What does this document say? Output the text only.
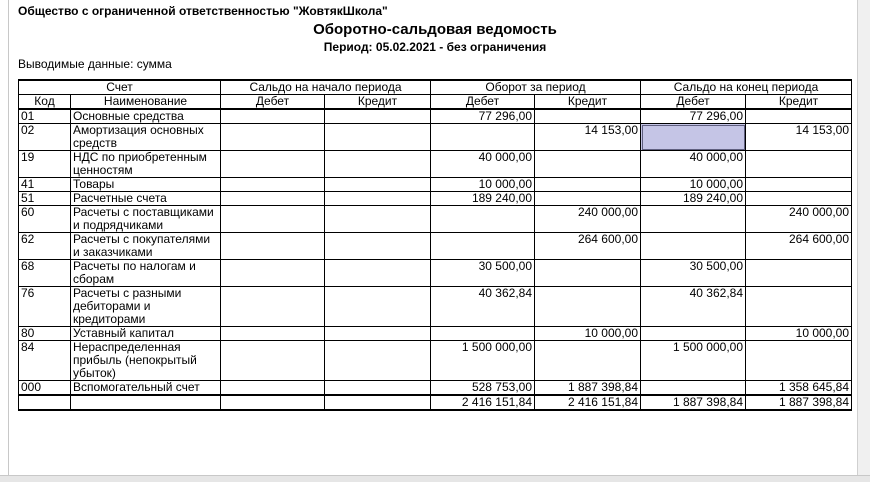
Общество с ограниченной ответственностью "ЖовтякШкола"
Оборотно-сальдовая ведомость
Период: 05.02.2021 - без ограничения
Выводимые данные: сумма
Счет		Сальдо на начало периода		Оборот за период		Сальдо на конец периода	
Код	Наименование	Дебет	Кредит	Дебет	Кредит	Дебет	Кредит
01	Основные средства			77 296,00		77 296,00	
02	Амортизация основных средств				14 153,00		14 153,00
19	НДС по приобретенным ценностям			40 000,00		40 000,00	
41	Товары			10 000,00		10 000,00	
51	Расчетные счета			189 240,00		189 240,00	
60	Расчеты с поставщиками и подрядчиками				240 000,00		240 000,00
62	Расчеты с покупателями и заказчиками				264 600,00		264 600,00
68	Расчеты по налогам и сборам			30 500,00		30 500,00	
76	Расчеты с разными дебиторами и кредиторами			40 362,84		40 362,84	
80	Уставный капитал				10 000,00		10 000,00
84	Нераспределенная прибыль (непокрытый убыток)			1 500 000,00		1 500 000,00	
000	Вспомогательный счет			528 753,00	1 887 398,84		1 358 645,84
				2 416 151,84	2 416 151,84	1 887 398,84	1 887 398,84
